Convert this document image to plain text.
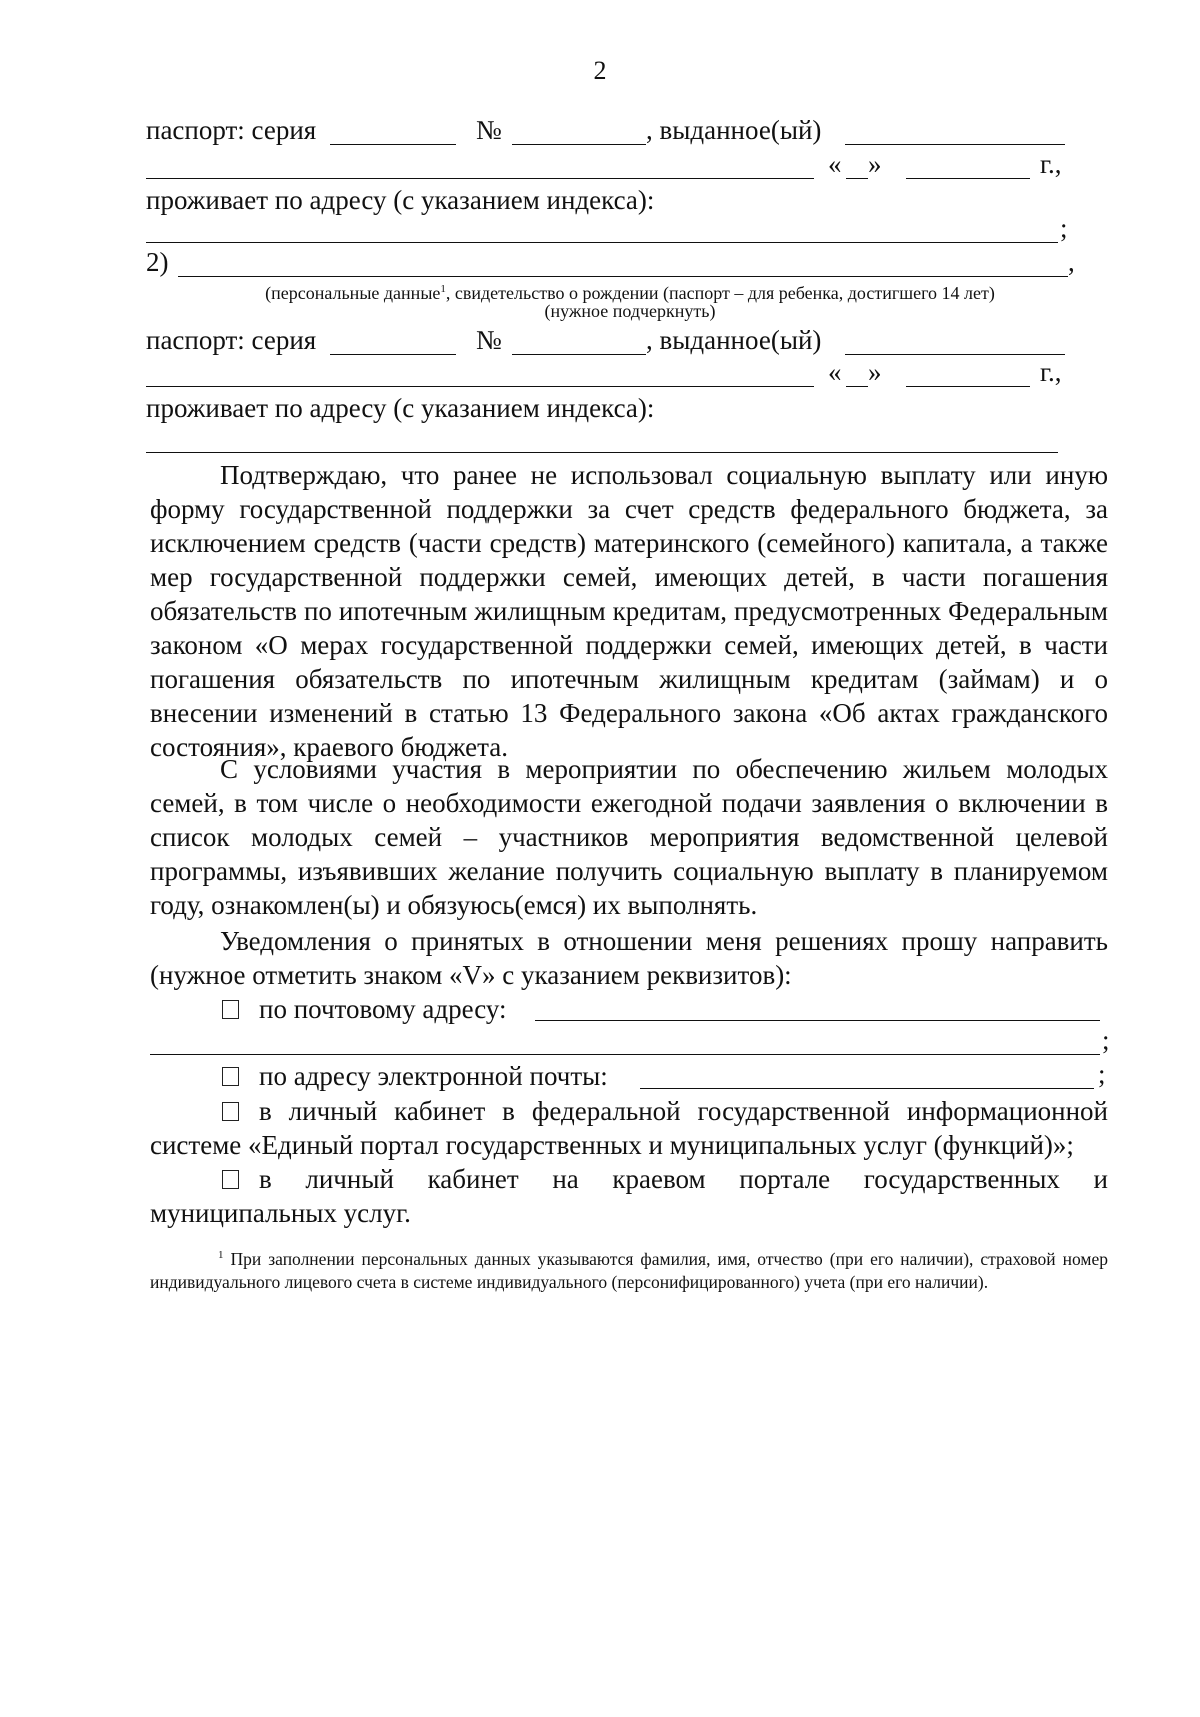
2
паспорт: серия	№	, выданное(ый)
« »	г.,
проживает по адресу (с указанием индекса):
;
2)	,
(персональные данные$^1$, свидетельство о рождении (паспорт – для ребенка, достигшего 14 лет)
(нужное подчеркнуть)
паспорт: серия	№	, выданное(ый)
« »	г.,
проживает по адресу (с указанием индекса):

Подтверждаю, что ранее не использовал социальную выплату или иную форму государственной поддержки за счет средств федерального бюджета, за исключением средств (части средств) материнского (семейного) капитала, а также мер государственной поддержки семей, имеющих детей, в части погашения обязательств по ипотечным жилищным кредитам, предусмотренных Федеральным законом «О мерах государственной поддержки семей, имеющих детей, в части погашения обязательств по ипотечным жилищным кредитам (займам) и о внесении изменений в статью 13 Федерального закона «Об актах гражданского состояния», краевого бюджета.

С условиями участия в мероприятии по обеспечению жильем молодых семей, в том числе о необходимости ежегодной подачи заявления о включении в список молодых семей – участников мероприятия ведомственной целевой программы, изъявивших желание получить социальную выплату в планируемом году, ознакомлен(ы) и обязуюсь(емся) их выполнять.

Уведомления о принятых в отношении меня решениях прошу направить (нужное отметить знаком «V» с указанием реквизитов):

по почтовому адресу:
;
по адресу электронной почты:	;
в личный кабинет в федеральной государственной информационной системе «Единый портал государственных и муниципальных услуг (функций)»;
в личный кабинет на краевом портале государственных и муниципальных услуг.
$^1$ При заполнении персональных данных указываются фамилия, имя, отчество (при его наличии), страховой номер индивидуального лицевого счета в системе индивидуального (персонифицированного) учета (при его наличии).
